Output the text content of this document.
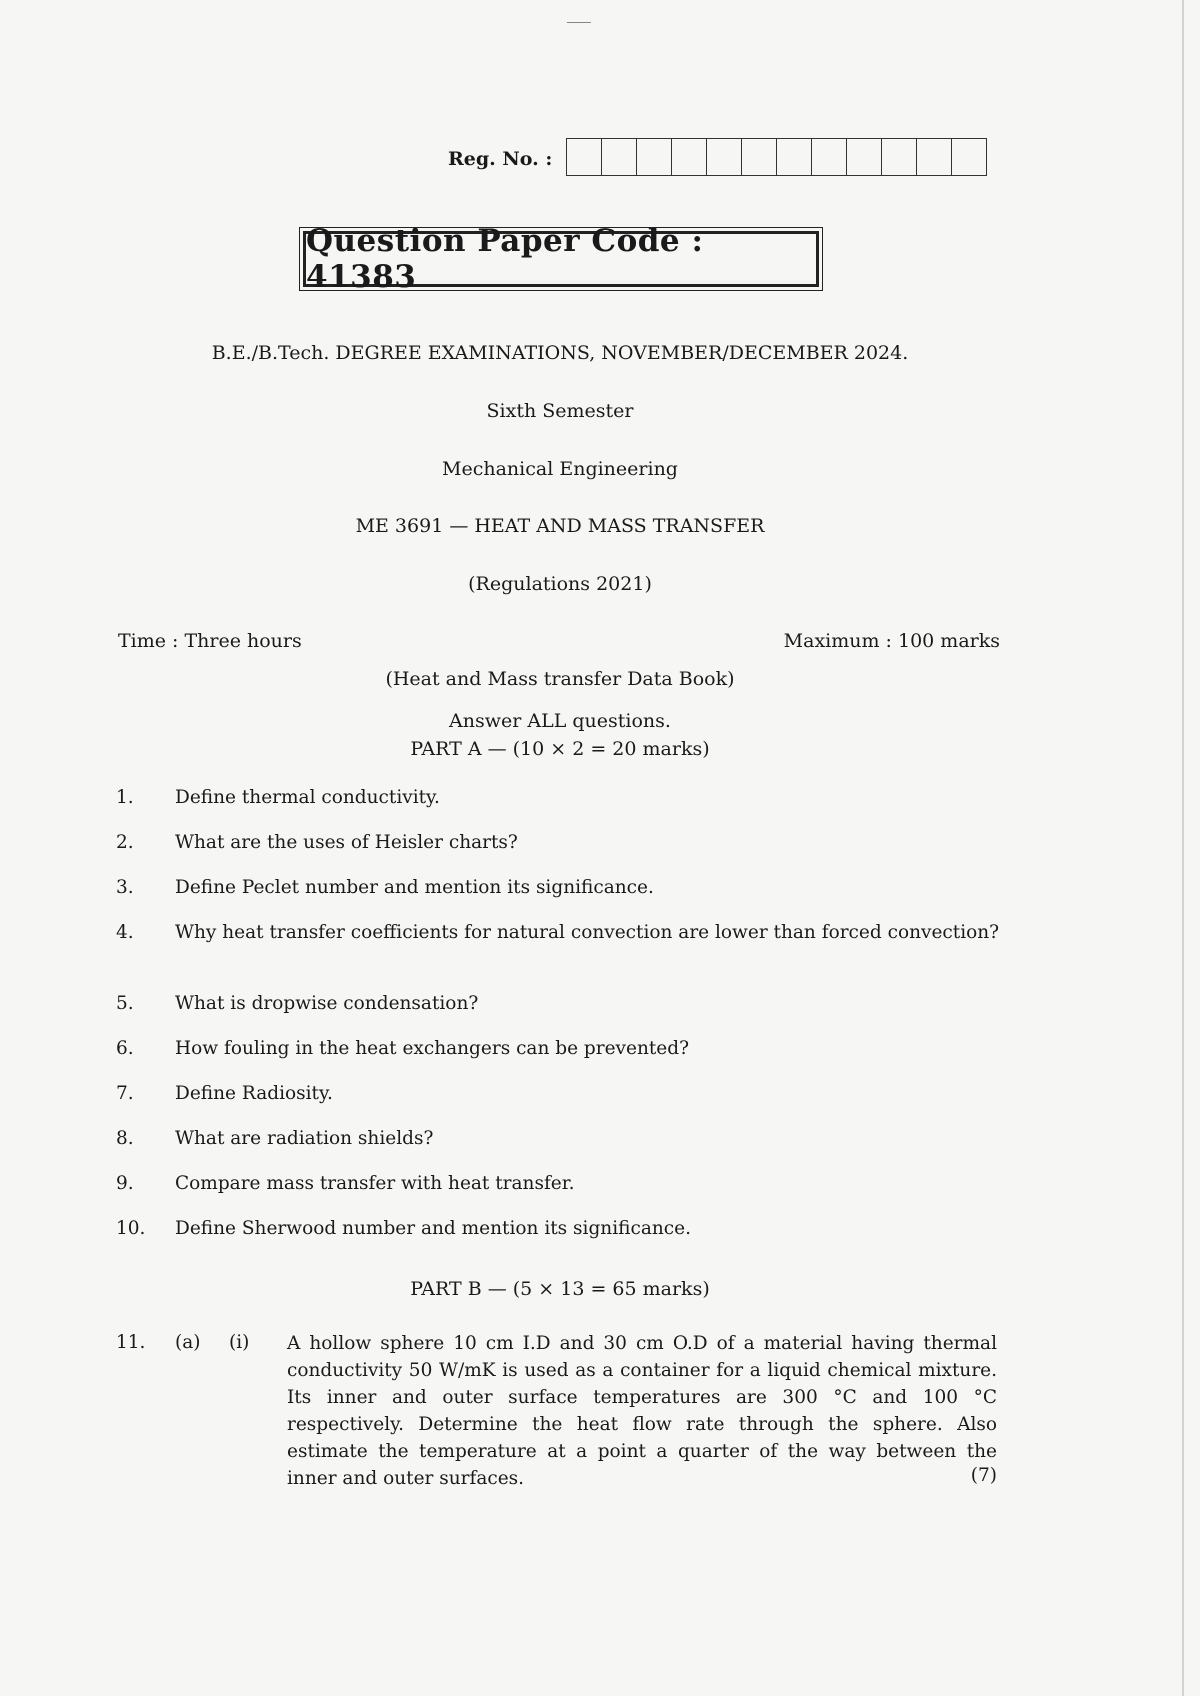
Reg. No. :
Question Paper Code : 41383
B.E./B.Tech. DEGREE EXAMINATIONS, NOVEMBER/DECEMBER 2024.
Sixth Semester
Mechanical Engineering
ME 3691 — HEAT AND MASS TRANSFER
(Regulations 2021)
Time : Three hours	Maximum : 100 marks
(Heat and Mass transfer Data Book)
Answer ALL questions.
PART A — (10 × 2 = 20 marks)
1. Define thermal conductivity.
2. What are the uses of Heisler charts?
3. Define Peclet number and mention its significance.
4. Why heat transfer coefficients for natural convection are lower than forced convection?
5. What is dropwise condensation?
6. How fouling in the heat exchangers can be prevented?
7. Define Radiosity.
8. What are radiation shields?
9. Compare mass transfer with heat transfer.
10. Define Sherwood number and mention its significance.
PART B — (5 × 13 = 65 marks)
11. (a) (i) A hollow sphere 10 cm I.D and 30 cm O.D of a material having thermal conductivity 50 W/mK is used as a container for a liquid chemical mixture. Its inner and outer surface temperatures are 300 °C and 100 °C respectively. Determine the heat flow rate through the sphere. Also estimate the temperature at a point a quarter of the way between the inner and outer surfaces.	(7)
